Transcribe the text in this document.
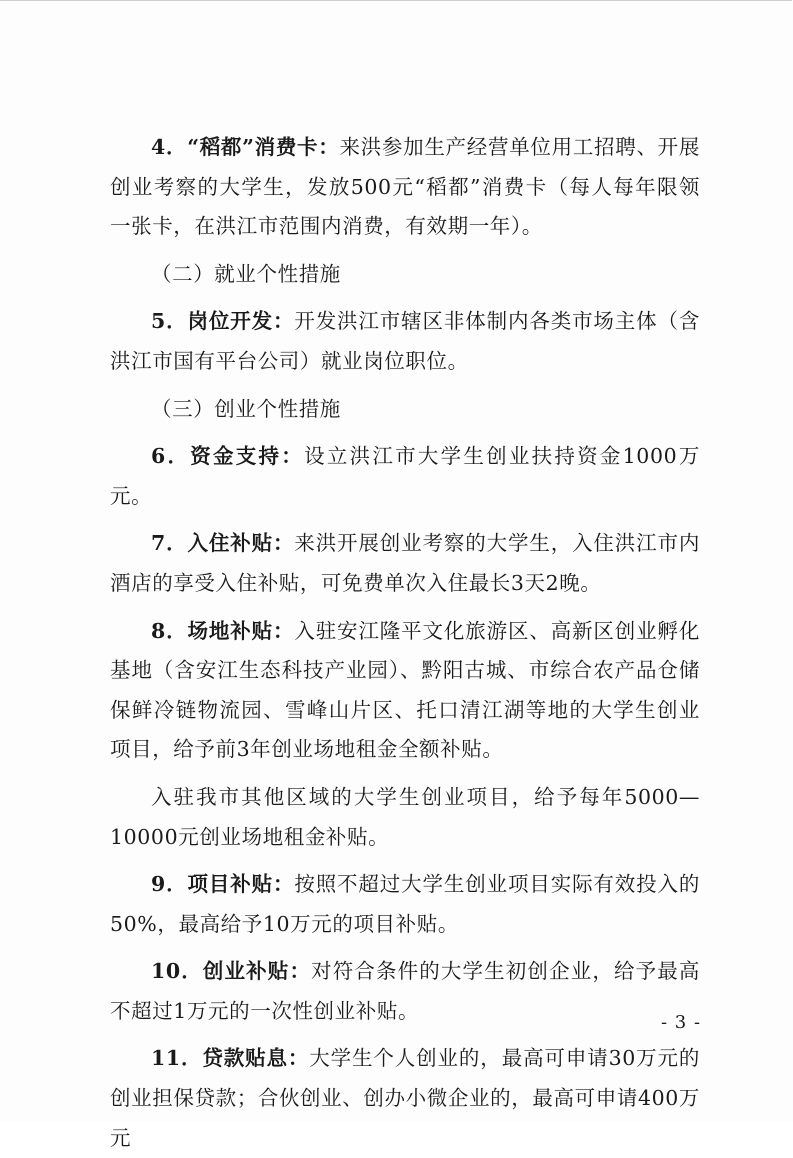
4．“稻都”消费卡：来洪参加生产经营单位用工招聘、开展创业考察的大学生，发放500元“稻都”消费卡（每人每年限领一张卡，在洪江市范围内消费，有效期一年）。

（二）就业个性措施

5．岗位开发：开发洪江市辖区非体制内各类市场主体（含洪江市国有平台公司）就业岗位职位。

（三）创业个性措施

6．资金支持：设立洪江市大学生创业扶持资金1000万元。

7．入住补贴：来洪开展创业考察的大学生，入住洪江市内酒店的享受入住补贴，可免费单次入住最长3天2晚。

8．场地补贴：入驻安江隆平文化旅游区、高新区创业孵化基地（含安江生态科技产业园）、黔阳古城、市综合农产品仓储保鲜冷链物流园、雪峰山片区、托口清江湖等地的大学生创业项目，给予前3年创业场地租金全额补贴。

入驻我市其他区域的大学生创业项目，给予每年5000—10000元创业场地租金补贴。

9．项目补贴：按照不超过大学生创业项目实际有效投入的50%，最高给予10万元的项目补贴。

10．创业补贴：对符合条件的大学生初创企业，给予最高不超过1万元的一次性创业补贴。

11．贷款贴息：大学生个人创业的，最高可申请30万元的创业担保贷款；合伙创业、创办小微企业的，最高可申请400万元

- 3 -
